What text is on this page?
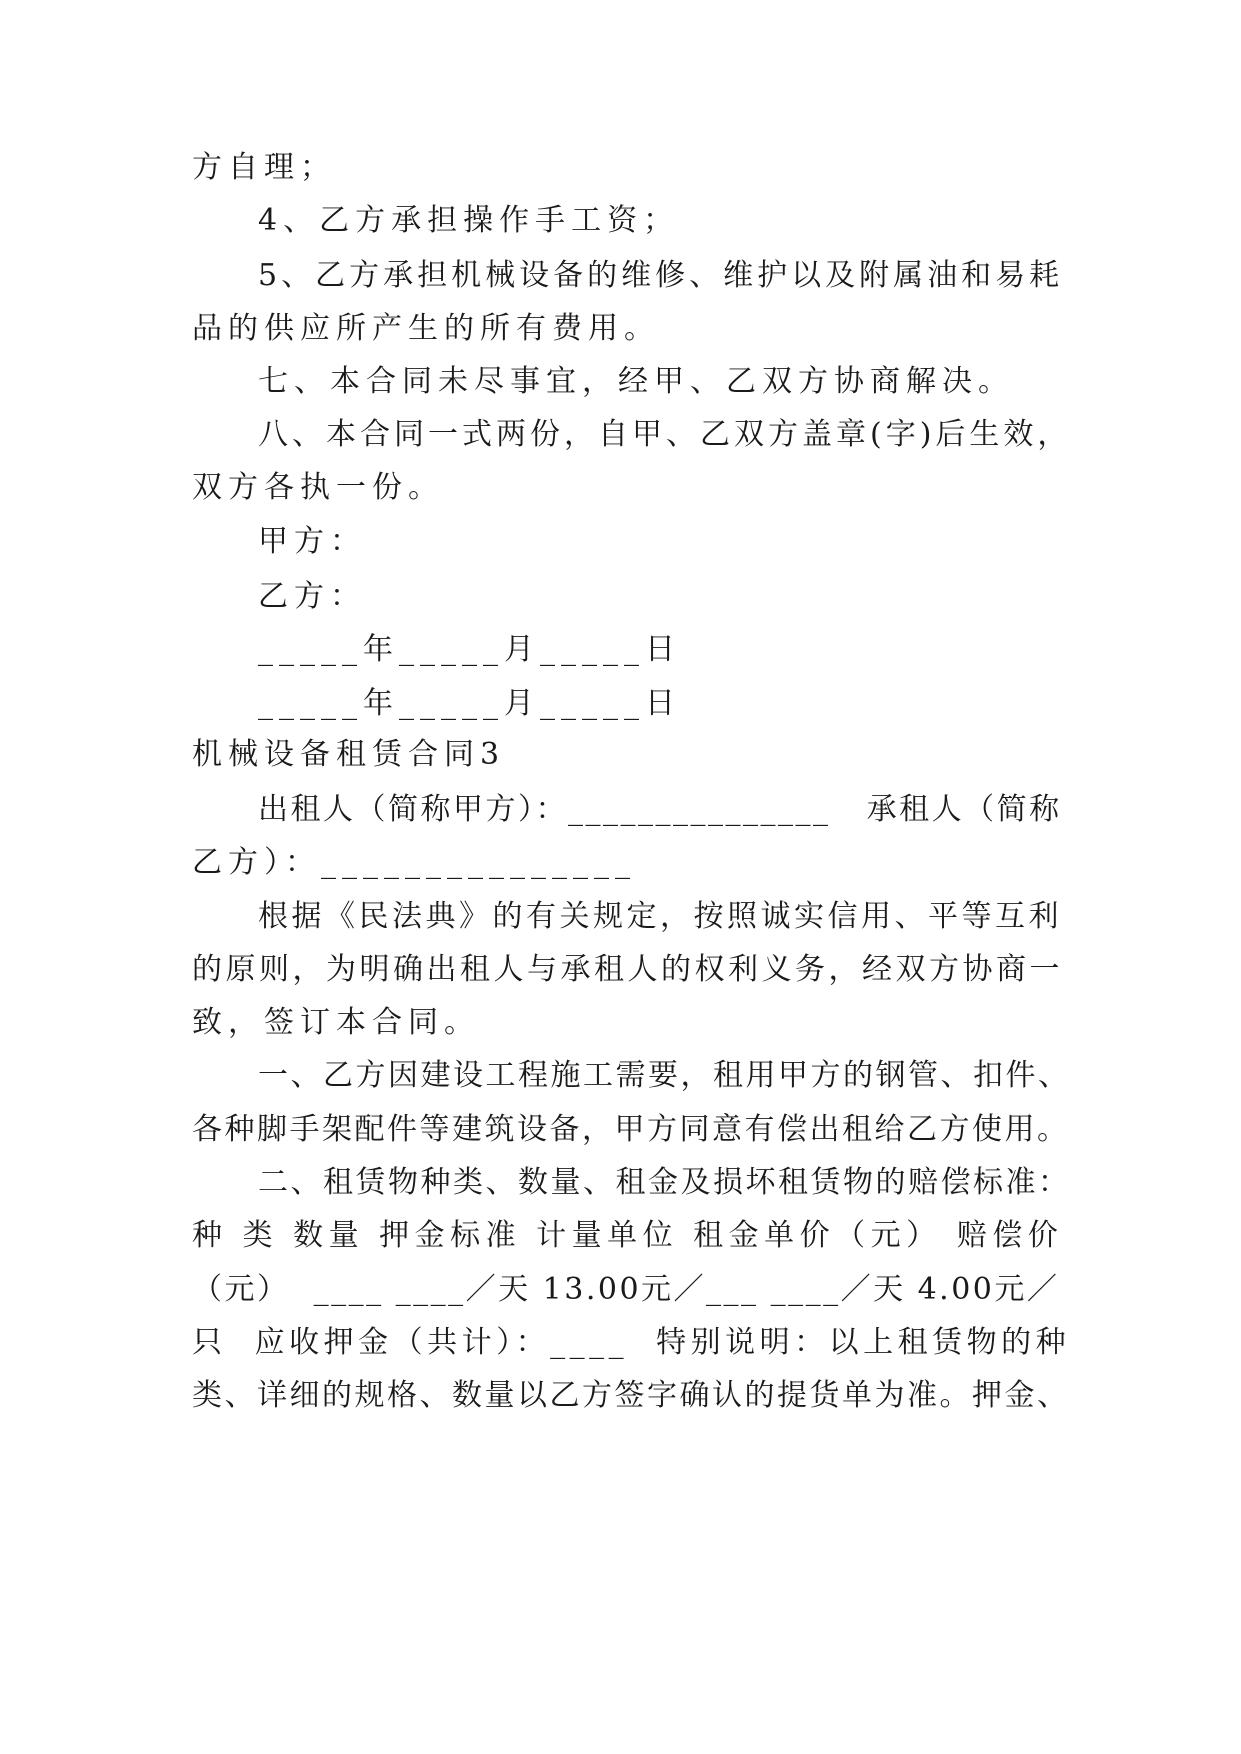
方自理；
4、乙方承担操作手工资；
5、乙方承担机械设备的维修、维护以及附属油和易耗
品的供应所产生的所有费用。
七、本合同未尽事宜，经甲、乙双方协商解决。
八、本合同一式两份，自甲、乙双方盖章(字)后生效，
双方各执一份。
甲方：
乙方：
_____年_____月_____日
_____年_____月_____日
机械设备租赁合同3
出租人（简称甲方）：_______________   承租人（简称
乙方）：_______________
根据《民法典》的有关规定，按照诚实信用、平等互利
的原则，为明确出租人与承租人的权利义务，经双方协商一
致，签订本合同。
一、乙方因建设工程施工需要，租用甲方的钢管、扣件、
各种脚手架配件等建筑设备，甲方同意有偿出租给乙方使用。
二、租赁物种类、数量、租金及损坏租赁物的赔偿标准：
种 类 数量 押金标准 计量单位 租金单价（元） 赔偿价
（元）  ____ ____／天 13.00元／___ ____／天 4.00元／
只  应收押金（共计）：____  特别说明：以上租赁物的种
类、详细的规格、数量以乙方签字确认的提货单为准。押金、
